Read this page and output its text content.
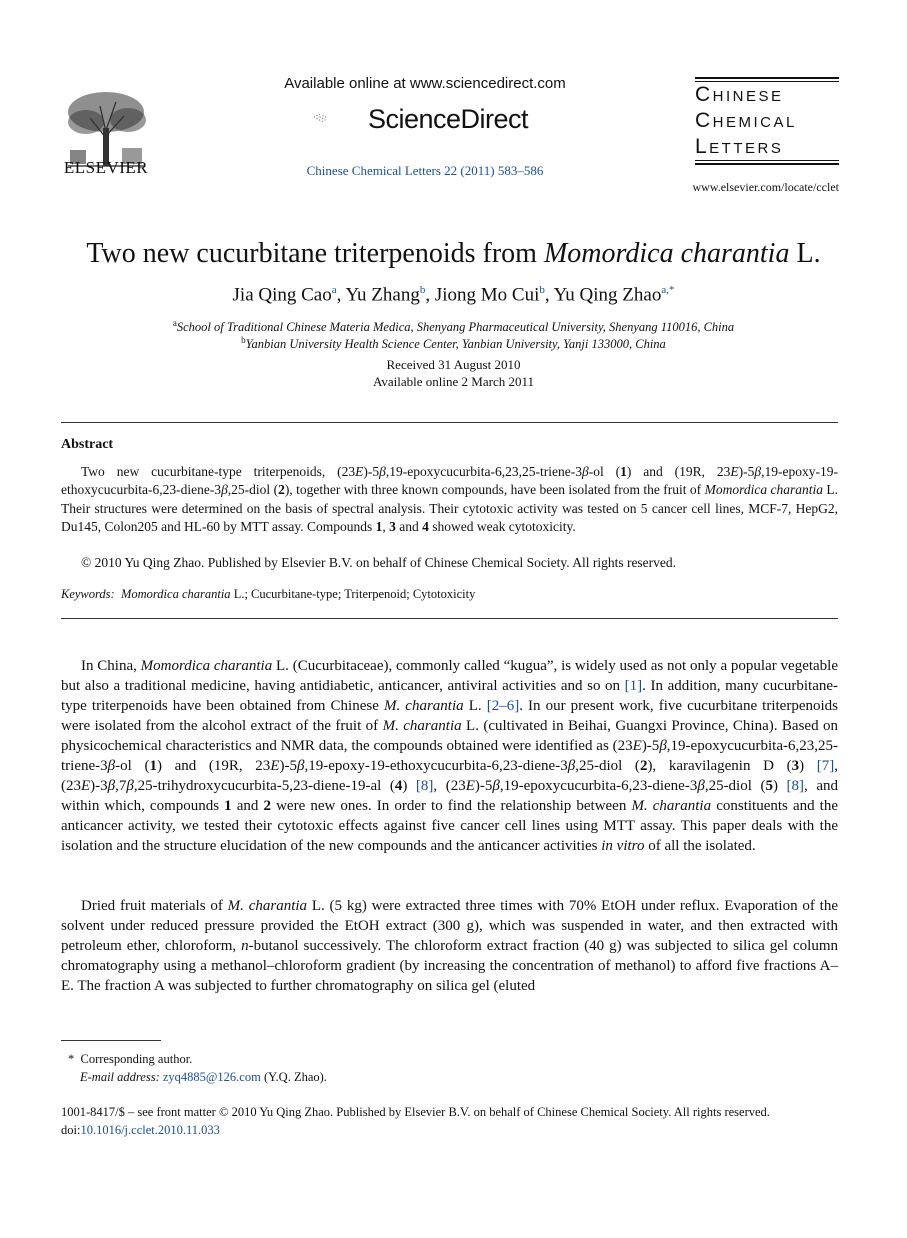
ELSEVIER
Available online at www.sciencedirect.com
ScienceDirect
Chinese Chemical Letters 22 (2011) 583–586
Chinese
Chemical
Letters
www.elsevier.com/locate/cclet
Two new cucurbitane triterpenoids from Momordica charantia L.
Jia Qing Cao$^a$, Yu Zhang$^b$, Jiong Mo Cui$^b$, Yu Qing Zhao$^{a,*}$
$^a$School of Traditional Chinese Materia Medica, Shenyang Pharmaceutical University, Shenyang 110016, China
$^b$Yanbian University Health Science Center, Yanbian University, Yanji 133000, China
Received 31 August 2010
Available online 2 March 2011
Abstract
Two new cucurbitane-type triterpenoids, (23E)-5β,19-epoxycucurbita-6,23,25-triene-3β-ol (1) and (19R, 23E)-5β,19-epoxy-19-ethoxycucurbita-6,23-diene-3β,25-diol (2), together with three known compounds, have been isolated from the fruit of Momordica charantia L. Their structures were determined on the basis of spectral analysis. Their cytotoxic activity was tested on 5 cancer cell lines, MCF-7, HepG2, Du145, Colon205 and HL-60 by MTT assay. Compounds 1, 3 and 4 showed weak cytotoxicity.
© 2010 Yu Qing Zhao. Published by Elsevier B.V. on behalf of Chinese Chemical Society. All rights reserved.
Keywords: Momordica charantia L.; Cucurbitane-type; Triterpenoid; Cytotoxicity
In China, Momordica charantia L. (Cucurbitaceae), commonly called “kugua”, is widely used as not only a popular vegetable but also a traditional medicine, having antidiabetic, anticancer, antiviral activities and so on [1]. In addition, many cucurbitane-type triterpenoids have been obtained from Chinese M. charantia L. [2–6]. In our present work, five cucurbitane triterpenoids were isolated from the alcohol extract of the fruit of M. charantia L. (cultivated in Beihai, Guangxi Province, China). Based on physicochemical characteristics and NMR data, the compounds obtained were identified as (23E)-5β,19-epoxycucurbita-6,23,25-triene-3β-ol (1) and (19R, 23E)-5β,19-epoxy-19-ethoxycucurbita-6,23-diene-3β,25-diol (2), karavilagenin D (3) [7], (23E)-3β,7β,25-trihydroxycucurbita-5,23-diene-19-al (4) [8], (23E)-5β,19-epoxycucurbita-6,23-diene-3β,25-diol (5) [8], and within which, compounds 1 and 2 were new ones. In order to find the relationship between M. charantia constituents and the anticancer activity, we tested their cytotoxic effects against five cancer cell lines using MTT assay. This paper deals with the isolation and the structure elucidation of the new compounds and the anticancer activities in vitro of all the isolated.
Dried fruit materials of M. charantia L. (5 kg) were extracted three times with 70% EtOH under reflux. Evaporation of the solvent under reduced pressure provided the EtOH extract (300 g), which was suspended in water, and then extracted with petroleum ether, chloroform, n-butanol successively. The chloroform extract fraction (40 g) was subjected to silica gel column chromatography using a methanol–chloroform gradient (by increasing the concentration of methanol) to afford five fractions A–E. The fraction A was subjected to further chromatography on silica gel (eluted
*  Corresponding author.
E-mail address: zyq4885@126.com (Y.Q. Zhao).
1001-8417/$ – see front matter © 2010 Yu Qing Zhao. Published by Elsevier B.V. on behalf of Chinese Chemical Society. All rights reserved.
doi:10.1016/j.cclet.2010.11.033
